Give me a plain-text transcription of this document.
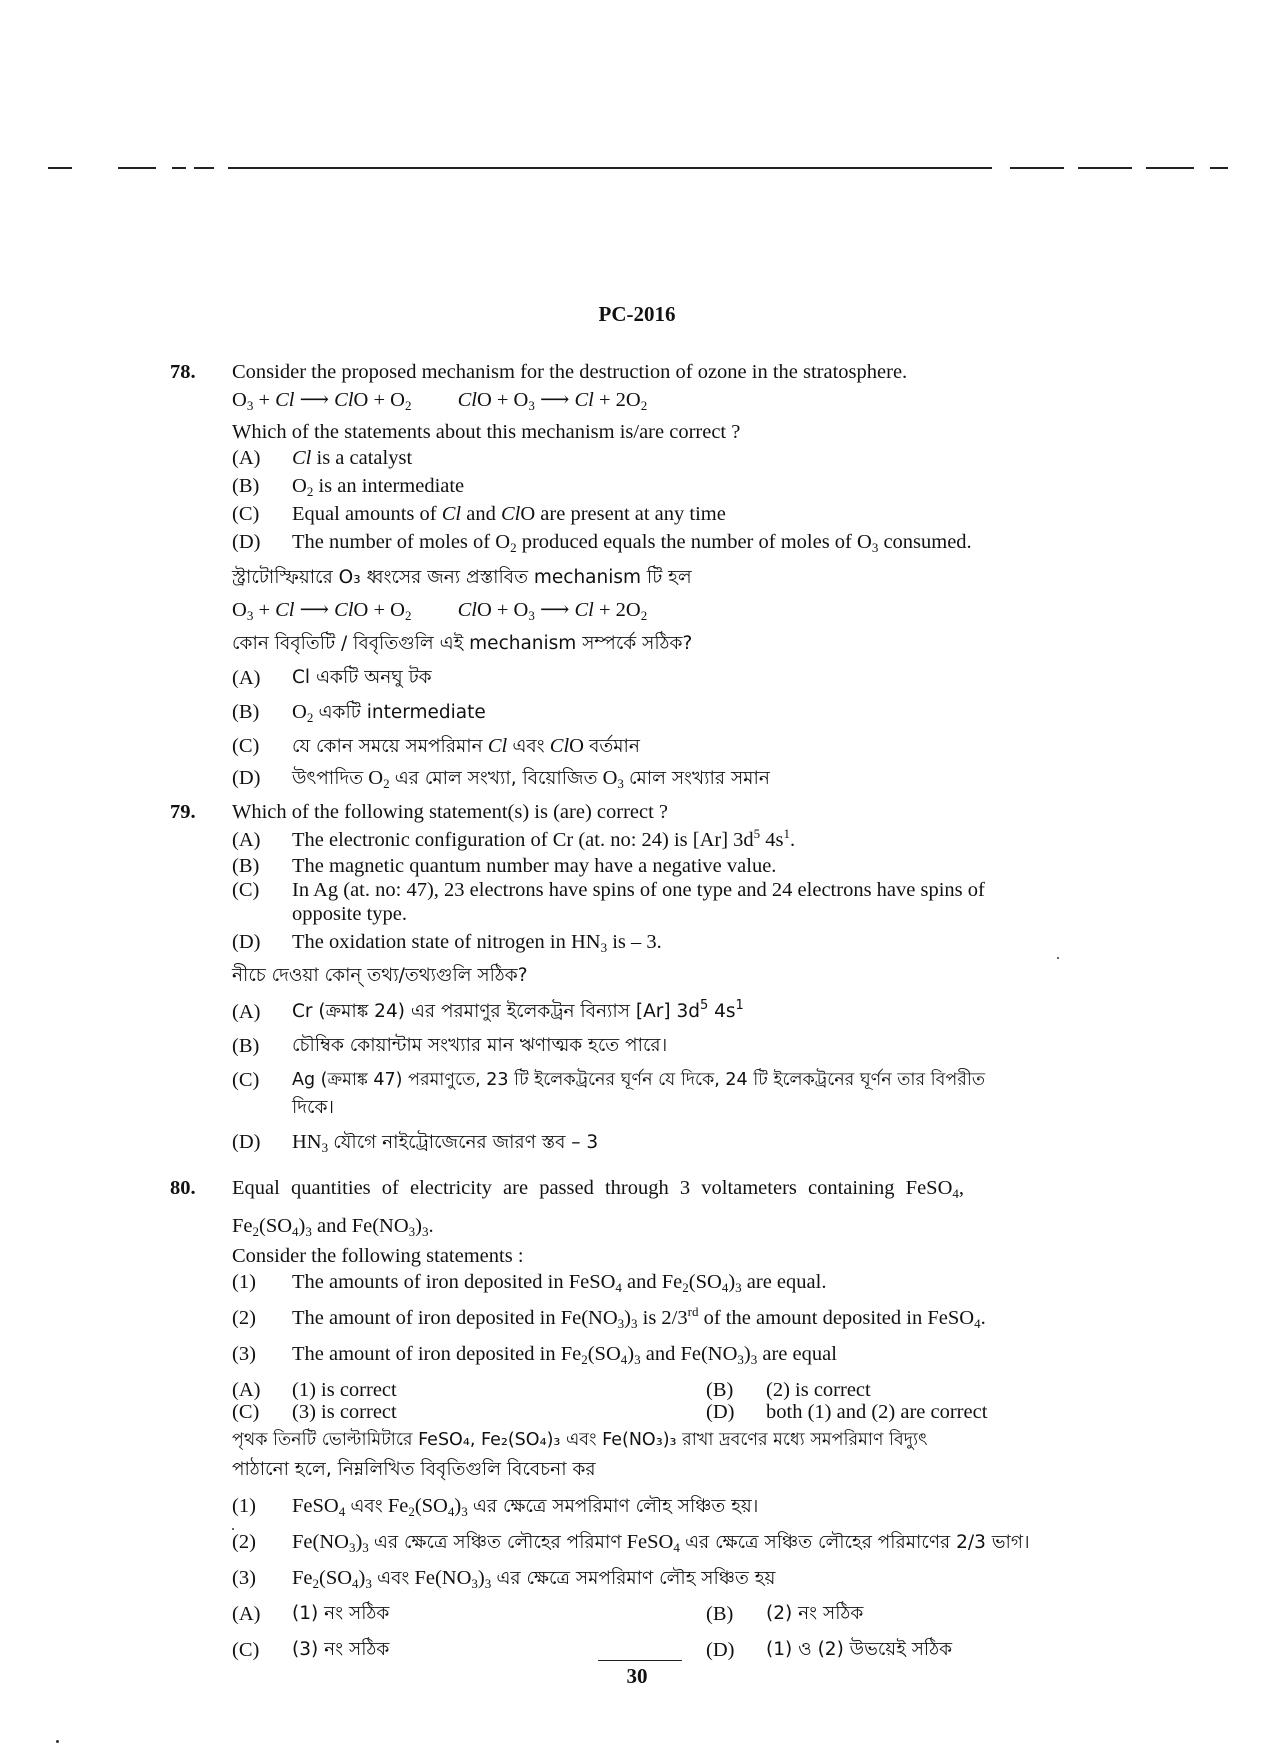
PC-2016
78. Consider the proposed mechanism for the destruction of ozone in the stratosphere.
$O_3 + Cl$ ⟶ ClO + $O_2$ ClO + $O_3$ ⟶ $Cl + 2O_2$
Which of the statements about this mechanism is/are correct ?
(A) Cl is a catalyst
(B) $O_2$ is an intermediate
(C) Equal amounts of Cl and ClO are present at any time
(D) The number of moles of $O_2$ produced equals the number of moles of $O_3$ consumed.
স্ট্রাটোস্ফিয়ারে O₃ ধ্বংসের জন্য প্রস্তাবিত mechanism টি হল
$O_3 + Cl$ ⟶ ClO + $O_2$ ClO + $O_3$ ⟶ $Cl + 2O_2$
কোন বিবৃতিটি / বিবৃতিগুলি এই mechanism সম্পর্কে সঠিক?
(A) Cl একটি অনঘু টক
(B) $O_2$ একটি intermediate
(C) যে কোন সময়ে সমপরিমান Cl এবং ClO বর্তমান
(D) উৎপাদিত $O_2$ এর মোল সংখ্যা, বিয়োজিত $O_3$ মোল সংখ্যার সমান
79. Which of the following statement(s) is (are) correct ?
(A) The electronic configuration of Cr (at. no: 24) is [Ar] $3d^5$ $4s^1$.
(B) The magnetic quantum number may have a negative value.
(C) In Ag (at. no: 47), 23 electrons have spins of one type and 24 electrons have spins of
opposite type.
(D) The oxidation state of nitrogen in $HN_3$ is – 3.
নীচে দেওয়া কোন্ তথ্য/তথ্যগুলি সঠিক?
(A) Cr (ক্রমাঙ্ক 24) এর পরমাণুর ইলেকট্রন বিন্যাস [Ar] $3d^5$ $4s^1$
(B) চৌম্বিক কোয়ান্টাম সংখ্যার মান ঋণাত্মক হতে পারে।
(C) Ag (ক্রমাঙ্ক 47) পরমাণুতে, 23 টি ইলেকট্রনের ঘূর্ণন যে দিকে, 24 টি ইলেকট্রনের ঘূর্ণন তার বিপরীত
দিকে।
(D) $HN_3$ যৌগে নাইট্রোজেনের জারণ স্তব – 3
80. Equal quantities of electricity are passed through 3 voltameters containing FeSO$_4$,
$Fe_2(SO_4)_3$ and $Fe(NO_3)_3$.
Consider the following statements :
(1) The amounts of iron deposited in FeSO$_4$ and $Fe_2(SO_4)_3$ are equal.
(2) The amount of iron deposited in $Fe(NO_3)_3$ is 2/3rd of the amount deposited in FeSO$_4$.
(3) The amount of iron deposited in $Fe_2(SO_4)_3$ and $Fe(NO_3)_3$ are equal
(A) (1) is correct	(B) (2) is correct
(C) (3) is correct	(D) both (1) and (2) are correct
পৃথক তিনটি ভোল্টামিটারে FeSO₄, Fe₂(SO₄)₃ এবং Fe(NO₃)₃ রাখা দ্রবণের মধ্যে সমপরিমাণ বিদ্যুৎ
পাঠানো হলে, নিম্নলিখিত বিবৃতিগুলি বিবেচনা কর
(1) FeSO$_4$ এবং $Fe_2(SO_4)_3$ এর ক্ষেত্রে সমপরিমাণ লৌহ সঞ্চিত হয়।
(2) $Fe(NO_3)_3$ এর ক্ষেত্রে সঞ্চিত লৌহের পরিমাণ FeSO$_4$ এর ক্ষেত্রে সঞ্চিত লৌহের পরিমাণের 2/3 ভাগ।
(3) $Fe_2(SO_4)_3$ এবং $Fe(NO_3)_3$ এর ক্ষেত্রে সমপরিমাণ লৌহ সঞ্চিত হয়
(A) (1) নং সঠিক	(B) (2) নং সঠিক
(C) (3) নং সঠিক	(D) (1) ও (2) উভয়েই সঠিক
30
